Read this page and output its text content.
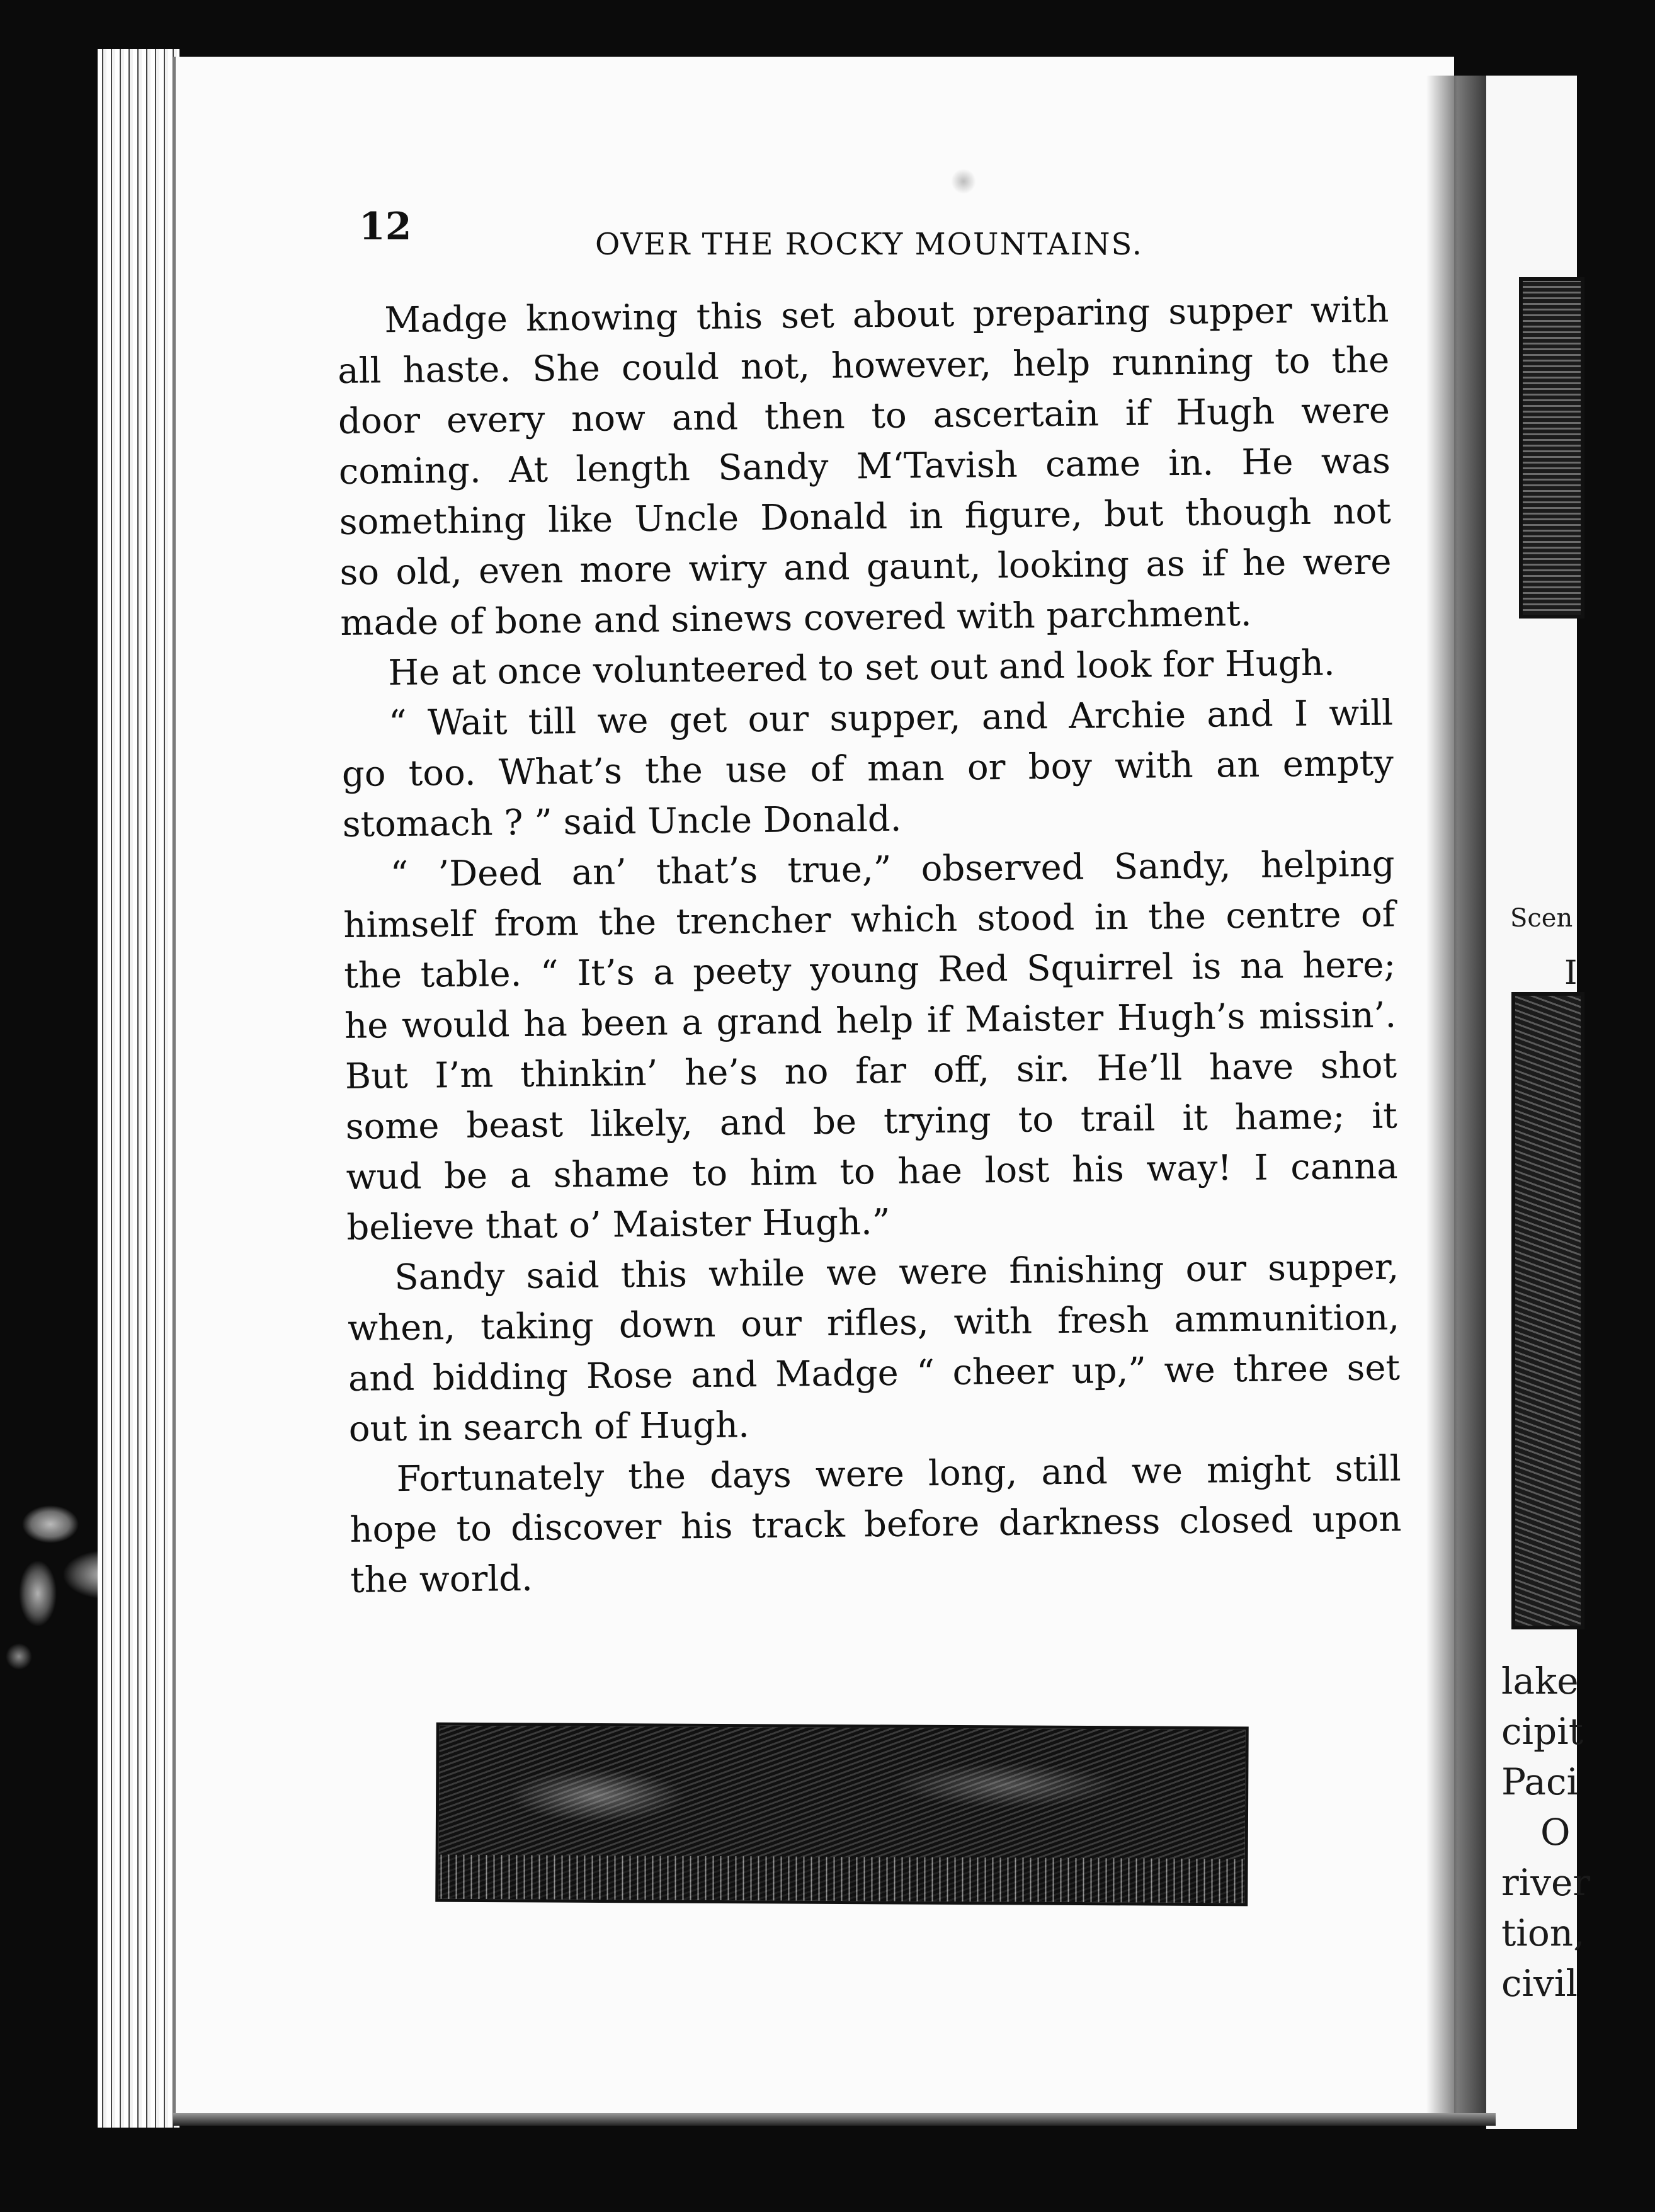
12	OVER THE ROCKY MOUNTAINS.
Madge knowing this set about preparing supper with
all haste. She could not, however, help running to the
door every now and then to ascertain if Hugh were
coming. At length Sandy M‘Tavish came in. He was
something like Uncle Donald in figure, but though not
so old, even more wiry and gaunt, looking as if he were
made of bone and sinews covered with parchment.
He at once volunteered to set out and look for Hugh.
“ Wait till we get our supper, and Archie and I will
go too. What’s the use of man or boy with an empty
stomach ? ” said Uncle Donald.
“ ’Deed an’ that’s true,” observed Sandy, helping
himself from the trencher which stood in the centre of
the table. “ It’s a peety young Red Squirrel is na here;
he would ha been a grand help if Maister Hugh’s missin’.
But I’m thinkin’ he’s no far off, sir. He’ll have shot
some beast likely, and be trying to trail it hame; it
wud be a shame to him to hae lost his way! I canna
believe that o’ Maister Hugh.”
Sandy said this while we were finishing our supper,
when, taking down our rifles, with fresh ammunition,
and bidding Rose and Madge “ cheer up,” we three set
out in search of Hugh.
Fortunately the days were long, and we might still
hope to discover his track before darkness closed upon
the world.
Scen
I
lake
cipit
Paci
O
river
tion,
civil
